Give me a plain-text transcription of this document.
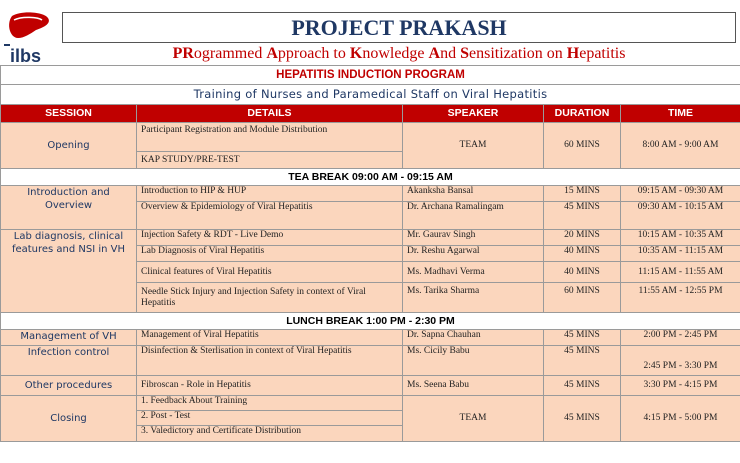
ilbs
PROJECT PRAKASH
PRogrammed Approach to Knowledge And Sensitization on Hepatitis
HEPATITIS INDUCTION PROGRAM				
Training of Nurses and Paramedical Staff on Viral Hepatitis				
SESSION	DETAILS	SPEAKER	DURATION	TIME
Opening	Participant Registration and Module Distribution	TEAM	60 MINS	8:00 AM - 9:00 AM
	KAP STUDY/PRE-TEST			
TEA BREAK 09:00 AM - 09:15 AM				
Introduction and Overview	Introduction to HIP & HUP	Akanksha Bansal	15 MINS	09:15 AM - 09:30 AM
	Overview & Epidemiology of Viral Hepatitis	Dr. Archana Ramalingam	45 MINS	09:30 AM - 10:15 AM
Lab diagnosis, clinical features and NSI in VH	Injection Safety & RDT - Live Demo	Mr. Gaurav Singh	20 MINS	10:15 AM - 10:35 AM
	Lab Diagnosis of Viral Hepatitis	Dr. Reshu Agarwal	40 MINS	10:35 AM - 11:15 AM
	Clinical features of Viral Hepatitis	Ms. Madhavi Verma	40 MINS	11:15 AM - 11:55 AM
	Needle Stick Injury and Injection Safety in context of Viral Hepatitis	Ms. Tarika Sharma	60 MINS	11:55 AM - 12:55 PM
LUNCH BREAK 1:00 PM - 2:30 PM				
Management of VH	Management of Viral Hepatitis	Dr. Sapna Chauhan	45 MINS	2:00 PM - 2:45 PM
Infection control	Disinfection & Sterlisation in context of Viral Hepatitis	Ms. Cicily Babu	45 MINS	2:45 PM - 3:30 PM
Other procedures	Fibroscan - Role in Hepatitis	Ms. Seena Babu	45 MINS	3:30 PM - 4:15 PM
Closing	1. Feedback About Training	TEAM	45 MINS	4:15 PM - 5:00 PM
	2. Post - Test			
	3. Valedictory and Certificate Distribution			
